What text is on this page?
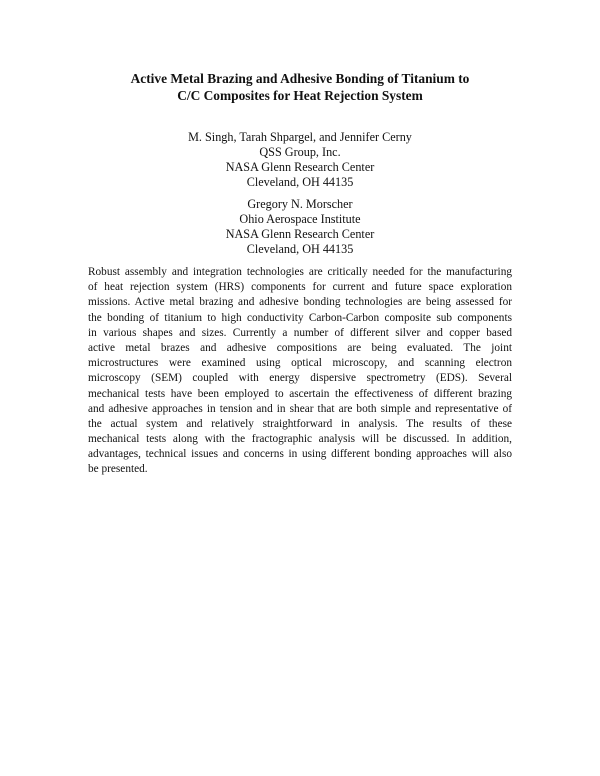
Active Metal Brazing and Adhesive Bonding of Titanium to
C/C Composites for Heat Rejection System
M. Singh, Tarah Shpargel, and Jennifer Cerny
QSS Group, Inc.
NASA Glenn Research Center
Cleveland, OH 44135
Gregory N. Morscher
Ohio Aerospace Institute
NASA Glenn Research Center
Cleveland, OH 44135
Robust assembly and integration technologies are critically needed for the manufacturing
of heat rejection system (HRS) components for current and future space exploration
missions. Active metal brazing and adhesive bonding technologies are being assessed for
the bonding of titanium to high conductivity Carbon-Carbon composite sub components
in various shapes and sizes. Currently a number of different silver and copper based
active metal brazes and adhesive compositions are being evaluated. The joint
microstructures were examined using optical microscopy, and scanning electron
microscopy (SEM) coupled with energy dispersive spectrometry (EDS). Several
mechanical tests have been employed to ascertain the effectiveness of different brazing
and adhesive approaches in tension and in shear that are both simple and representative of
the actual system and relatively straightforward in analysis. The results of these
mechanical tests along with the fractographic analysis will be discussed. In addition,
advantages, technical issues and concerns in using different bonding approaches will also
be presented.
